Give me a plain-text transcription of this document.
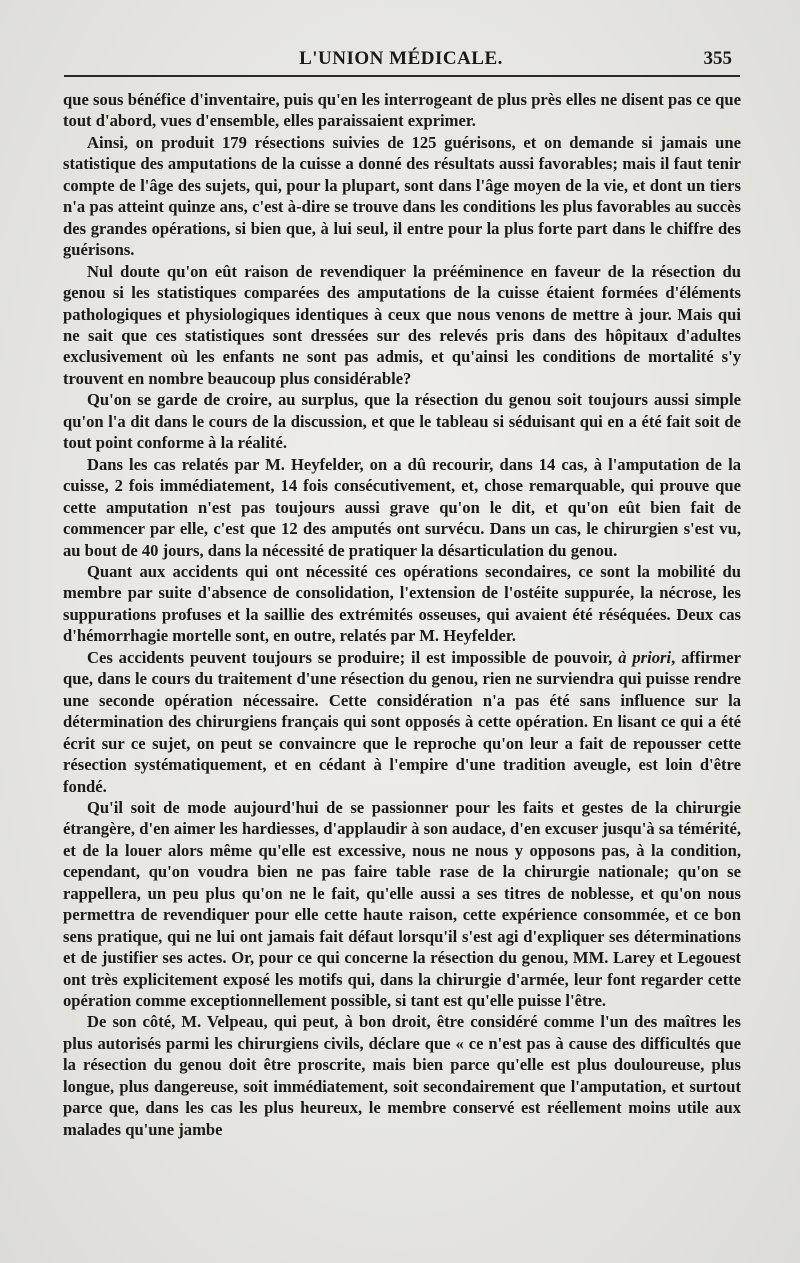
L'UNION MÉDICALE.	355

que sous bénéfice d'inventaire, puis qu'en les interrogeant de plus près elles ne disent pas ce que tout d'abord, vues d'ensemble, elles paraissaient exprimer.

Ainsi, on produit 179 résections suivies de 125 guérisons, et on demande si jamais une statistique des amputations de la cuisse a donné des résultats aussi favorables; mais il faut tenir compte de l'âge des sujets, qui, pour la plupart, sont dans l'âge moyen de la vie, et dont un tiers n'a pas atteint quinze ans, c'est à-dire se trouve dans les conditions les plus favorables au succès des grandes opérations, si bien que, à lui seul, il entre pour la plus forte part dans le chiffre des guérisons.

Nul doute qu'on eût raison de revendiquer la prééminence en faveur de la résection du genou si les statistiques comparées des amputations de la cuisse étaient formées d'éléments pathologiques et physiologiques identiques à ceux que nous venons de mettre à jour. Mais qui ne sait que ces statistiques sont dressées sur des relevés pris dans des hôpitaux d'adultes exclusivement où les enfants ne sont pas admis, et qu'ainsi les conditions de mortalité s'y trouvent en nombre beaucoup plus considérable?

Qu'on se garde de croire, au surplus, que la résection du genou soit toujours aussi simple qu'on l'a dit dans le cours de la discussion, et que le tableau si séduisant qui en a été fait soit de tout point conforme à la réalité.

Dans les cas relatés par M. Heyfelder, on a dû recourir, dans 14 cas, à l'amputation de la cuisse, 2 fois immédiatement, 14 fois consécutivement, et, chose remarquable, qui prouve que cette amputation n'est pas toujours aussi grave qu'on le dit, et qu'on eût bien fait de commencer par elle, c'est que 12 des amputés ont survécu. Dans un cas, le chirurgien s'est vu, au bout de 40 jours, dans la nécessité de pratiquer la désarticulation du genou.

Quant aux accidents qui ont nécessité ces opérations secondaires, ce sont la mobilité du membre par suite d'absence de consolidation, l'extension de l'ostéite suppurée, la nécrose, les suppurations profuses et la saillie des extrémités osseuses, qui avaient été réséquées. Deux cas d'hémorrhagie mortelle sont, en outre, relatés par M. Heyfelder.

Ces accidents peuvent toujours se produire; il est impossible de pouvoir, à priori, affirmer que, dans le cours du traitement d'une résection du genou, rien ne surviendra qui puisse rendre une seconde opération nécessaire. Cette considération n'a pas été sans influence sur la détermination des chirurgiens français qui sont opposés à cette opération. En lisant ce qui a été écrit sur ce sujet, on peut se convaincre que le reproche qu'on leur a fait de repousser cette résection systématiquement, et en cédant à l'empire d'une tradition aveugle, est loin d'être fondé.

Qu'il soit de mode aujourd'hui de se passionner pour les faits et gestes de la chirurgie étrangère, d'en aimer les hardiesses, d'applaudir à son audace, d'en excuser jusqu'à sa témérité, et de la louer alors même qu'elle est excessive, nous ne nous y opposons pas, à la condition, cependant, qu'on voudra bien ne pas faire table rase de la chirurgie nationale; qu'on se rappellera, un peu plus qu'on ne le fait, qu'elle aussi a ses titres de noblesse, et qu'on nous permettra de revendiquer pour elle cette haute raison, cette expérience consommée, et ce bon sens pratique, qui ne lui ont jamais fait défaut lorsqu'il s'est agi d'expliquer ses déterminations et de justifier ses actes. Or, pour ce qui concerne la résection du genou, MM. Larey et Legouest ont très explicitement exposé les motifs qui, dans la chirurgie d'armée, leur font regarder cette opération comme exceptionnellement possible, si tant est qu'elle puisse l'être.

De son côté, M. Velpeau, qui peut, à bon droit, être considéré comme l'un des maîtres les plus autorisés parmi les chirurgiens civils, déclare que « ce n'est pas à cause des difficultés que la résection du genou doit être proscrite, mais bien parce qu'elle est plus douloureuse, plus longue, plus dangereuse, soit immédiatement, soit secondairement que l'amputation, et surtout parce que, dans les cas les plus heureux, le membre conservé est réellement moins utile aux malades qu'une jambe
